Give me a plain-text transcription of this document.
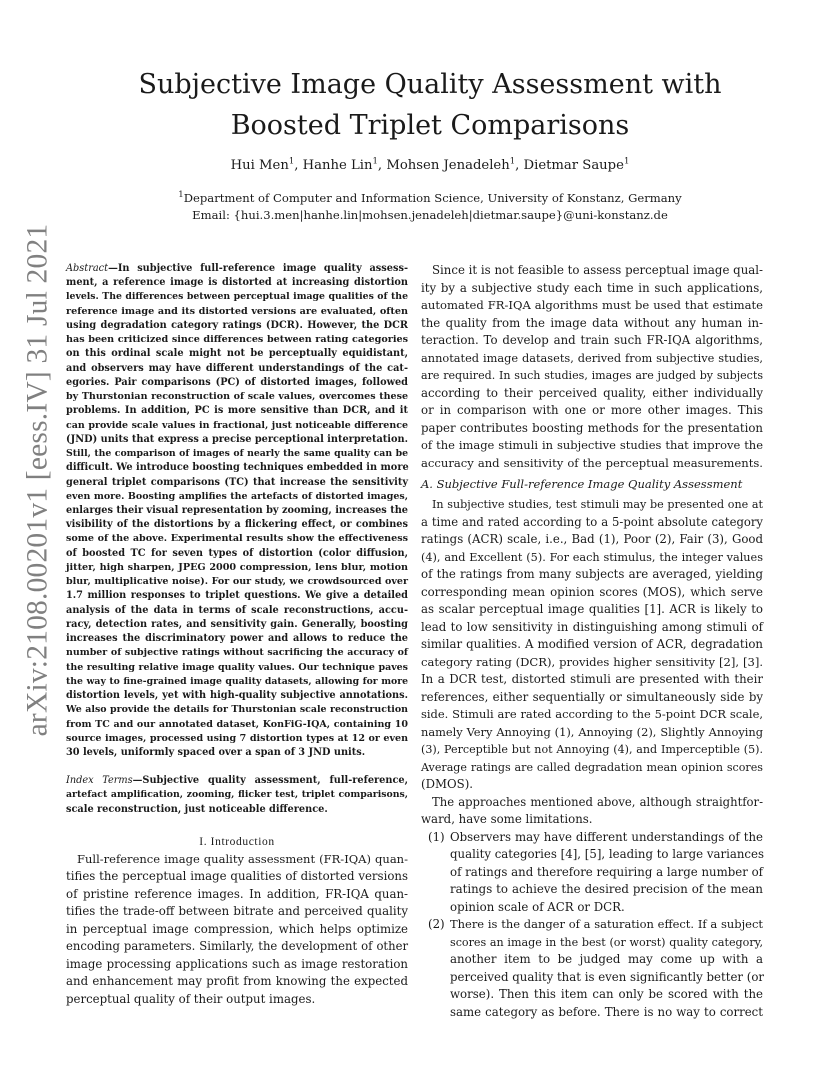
arXiv:2108.00201v1 [eess.IV] 31 Jul 2021
Subjective Image Quality Assessment with
Boosted Triplet Comparisons
Hui Men$^1$, Hanhe Lin$^1$, Mohsen Jenadeleh$^1$, Dietmar Saupe$^1$
$^1$Department of Computer and Information Science, University of Konstanz, Germany
Email: {hui.3.men|hanhe.lin|mohsen.jenadeleh|dietmar.saupe}@uni-konstanz.de
Abstract—In subjective full-reference image quality assess-
ment, a reference image is distorted at increasing distortion
levels. The differences between perceptual image qualities of the
reference image and its distorted versions are evaluated, often
using degradation category ratings (DCR). However, the DCR
has been criticized since differences between rating categories
on this ordinal scale might not be perceptually equidistant,
and observers may have different understandings of the cat-
egories. Pair comparisons (PC) of distorted images, followed
by Thurstonian reconstruction of scale values, overcomes these
problems. In addition, PC is more sensitive than DCR, and it
can provide scale values in fractional, just noticeable difference
(JND) units that express a precise perceptional interpretation.
Still, the comparison of images of nearly the same quality can be
difficult. We introduce boosting techniques embedded in more
general triplet comparisons (TC) that increase the sensitivity
even more. Boosting amplifies the artefacts of distorted images,
enlarges their visual representation by zooming, increases the
visibility of the distortions by a flickering effect, or combines
some of the above. Experimental results show the effectiveness
of boosted TC for seven types of distortion (color diffusion,
jitter, high sharpen, JPEG 2000 compression, lens blur, motion
blur, multiplicative noise). For our study, we crowdsourced over
1.7 million responses to triplet questions. We give a detailed
analysis of the data in terms of scale reconstructions, accu-
racy, detection rates, and sensitivity gain. Generally, boosting
increases the discriminatory power and allows to reduce the
number of subjective ratings without sacrificing the accuracy of
the resulting relative image quality values. Our technique paves
the way to fine-grained image quality datasets, allowing for more
distortion levels, yet with high-quality subjective annotations.
We also provide the details for Thurstonian scale reconstruction
from TC and our annotated dataset, KonFiG-IQA, containing 10
source images, processed using 7 distortion types at 12 or even
30 levels, uniformly spaced over a span of 3 JND units.
Index Terms—Subjective quality assessment, full-reference,
artefact amplification, zooming, flicker test, triplet comparisons,
scale reconstruction, just noticeable difference.
I. Introduction
Full-reference image quality assessment (FR-IQA) quan-
tifies the perceptual image qualities of distorted versions
of pristine reference images. In addition, FR-IQA quan-
tifies the trade-off between bitrate and perceived quality
in perceptual image compression, which helps optimize
encoding parameters. Similarly, the development of other
image processing applications such as image restoration
and enhancement may profit from knowing the expected
perceptual quality of their output images.
Since it is not feasible to assess perceptual image qual-
ity by a subjective study each time in such applications,
automated FR-IQA algorithms must be used that estimate
the quality from the image data without any human in-
teraction. To develop and train such FR-IQA algorithms,
annotated image datasets, derived from subjective studies,
are required. In such studies, images are judged by subjects
according to their perceived quality, either individually
or in comparison with one or more other images. This
paper contributes boosting methods for the presentation
of the image stimuli in subjective studies that improve the
accuracy and sensitivity of the perceptual measurements.
A. Subjective Full-reference Image Quality Assessment
In subjective studies, test stimuli may be presented one at
a time and rated according to a 5-point absolute category
ratings (ACR) scale, i.e., Bad (1), Poor (2), Fair (3), Good
(4), and Excellent (5). For each stimulus, the integer values
of the ratings from many subjects are averaged, yielding
corresponding mean opinion scores (MOS), which serve
as scalar perceptual image qualities [1]. ACR is likely to
lead to low sensitivity in distinguishing among stimuli of
similar qualities. A modified version of ACR, degradation
category rating (DCR), provides higher sensitivity [2], [3].
In a DCR test, distorted stimuli are presented with their
references, either sequentially or simultaneously side by
side. Stimuli are rated according to the 5-point DCR scale,
namely Very Annoying (1), Annoying (2), Slightly Annoying
(3), Perceptible but not Annoying (4), and Imperceptible (5).
Average ratings are called degradation mean opinion scores
(DMOS).
The approaches mentioned above, although straightfor-
ward, have some limitations.
(1) Observers may have different understandings of the
quality categories [4], [5], leading to large variances
of ratings and therefore requiring a large number of
ratings to achieve the desired precision of the mean
opinion scale of ACR or DCR.
(2) There is the danger of a saturation effect. If a subject
scores an image in the best (or worst) quality category,
another item to be judged may come up with a
perceived quality that is even significantly better (or
worse). Then this item can only be scored with the
same category as before. There is no way to correct
